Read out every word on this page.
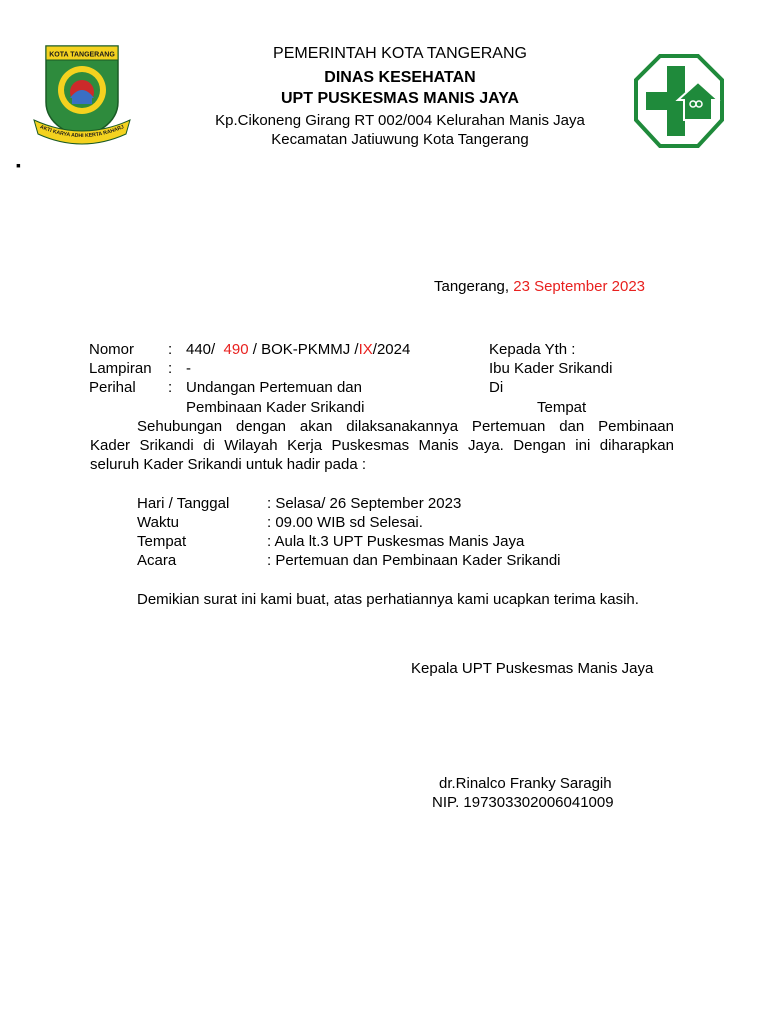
KOTA TANGERANG
AKTI KARYA ADHI KERTA RAHARJ
PEMERINTAH KOTA TANGERANG
DINAS KESEHATAN
UPT PUSKESMAS MANIS JAYA
Kp.Cikoneng Girang RT 002/004 Kelurahan Manis Jaya
Kecamatan Jatiuwung Kota Tangerang
▪
Tangerang, 23 September 2023
Nomor : 440/ 490 / BOK-PKMMJ /IX/2024
Lampiran : -
Perihal : Undangan Pertemuan dan
Pembinaan Kader Srikandi
Kepada Yth :
Ibu Kader Srikandi
Di
Tempat
Sehubungan dengan akan dilaksanakannya Pertemuan dan Pembinaan
Kader Srikandi di Wilayah Kerja Puskesmas Manis Jaya. Dengan ini diharapkan
seluruh Kader Srikandi untuk hadir pada :
Hari / Tanggal	: Selasa/ 26 September 2023
Waktu	: 09.00 WIB sd Selesai.
Tempat	: Aula lt.3 UPT Puskesmas Manis Jaya
Acara	: Pertemuan dan Pembinaan Kader Srikandi
Demikian surat ini kami buat, atas perhatiannya kami ucapkan terima kasih.
Kepala UPT Puskesmas Manis Jaya
dr.Rinalco Franky Saragih
NIP. 197303302006041009
